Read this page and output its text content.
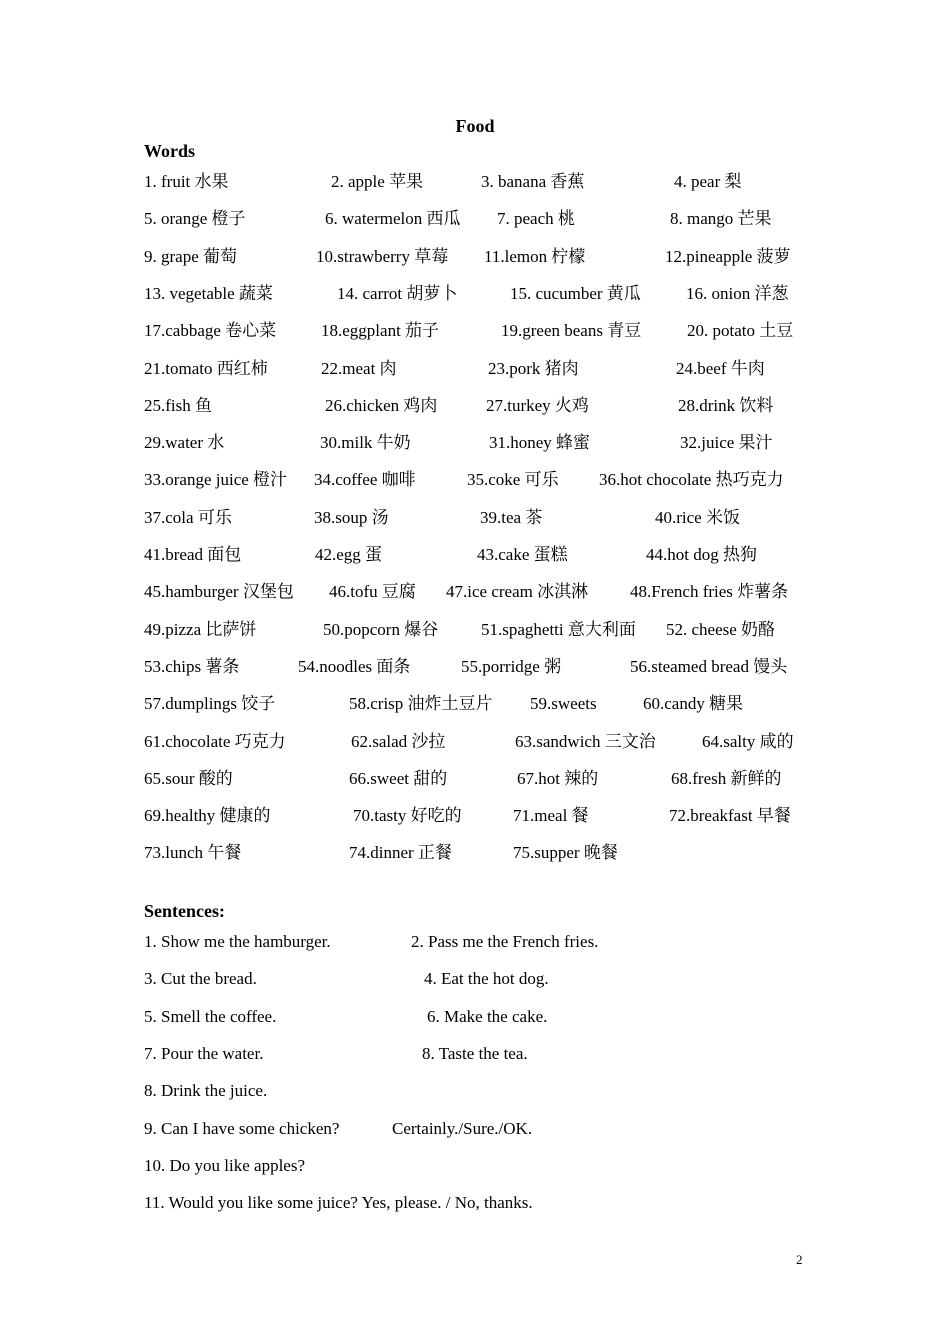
Food
Words
1. fruit 水果	2. apple 苹果	3. banana 香蕉	4. pear 梨
5. orange 橙子	6. watermelon 西瓜 7. peach 桃	8. mango 芒果
9. grape 葡萄	10.strawberry 草莓 11.lemon 柠檬	12.pineapple 菠萝
13. vegetable 蔬菜	14. carrot 胡萝卜	15. cucumber 黄瓜	16. onion 洋葱
17.cabbage 卷心菜	18.eggplant 茄子	19.green beans 青豆	20. potato 土豆
21.tomato 西红柿	22.meat 肉	23.pork 猪肉	24.beef 牛肉
25.fish 鱼	26.chicken 鸡肉	27.turkey 火鸡	28.drink 饮料
29.water 水	30.milk 牛奶	31.honey 蜂蜜	32.juice 果汁
33.orange juice 橙汁 34.coffee 咖啡	35.coke 可乐 36.hot chocolate 热巧克力
37.cola 可乐	38.soup 汤	39.tea 茶	40.rice 米饭
41.bread 面包	42.egg 蛋	43.cake 蛋糕	44.hot dog 热狗
45.hamburger 汉堡包 46.tofu 豆腐 47.ice cream 冰淇淋 48.French fries 炸薯条
49.pizza 比萨饼	50.popcorn 爆谷	51.spaghetti 意大利面 52. cheese 奶酪
53.chips 薯条	54.noodles 面条	55.porridge 粥	56.steamed bread 馒头
57.dumplings 饺子	58.crisp 油炸土豆片 59.sweets	60.candy 糖果
61.chocolate 巧克力	62.salad 沙拉	63.sandwich 三文治	64.salty 咸的
65.sour 酸的	66.sweet 甜的	67.hot 辣的	68.fresh 新鲜的
69.healthy 健康的	70.tasty 好吃的	71.meal 餐	72.breakfast 早餐
73.lunch 午餐	74.dinner 正餐	75.supper 晚餐
Sentences:
1. Show me the hamburger.	2. Pass me the French fries.
3. Cut the bread.	4. Eat the hot dog.
5. Smell the coffee.	6. Make the cake.
7. Pour the water.	8. Taste the tea.
8. Drink the juice.
9. Can I have some chicken?	Certainly./Sure./OK.
10. Do you like apples?
11. Would you like some juice? Yes, please. / No, thanks.
2
